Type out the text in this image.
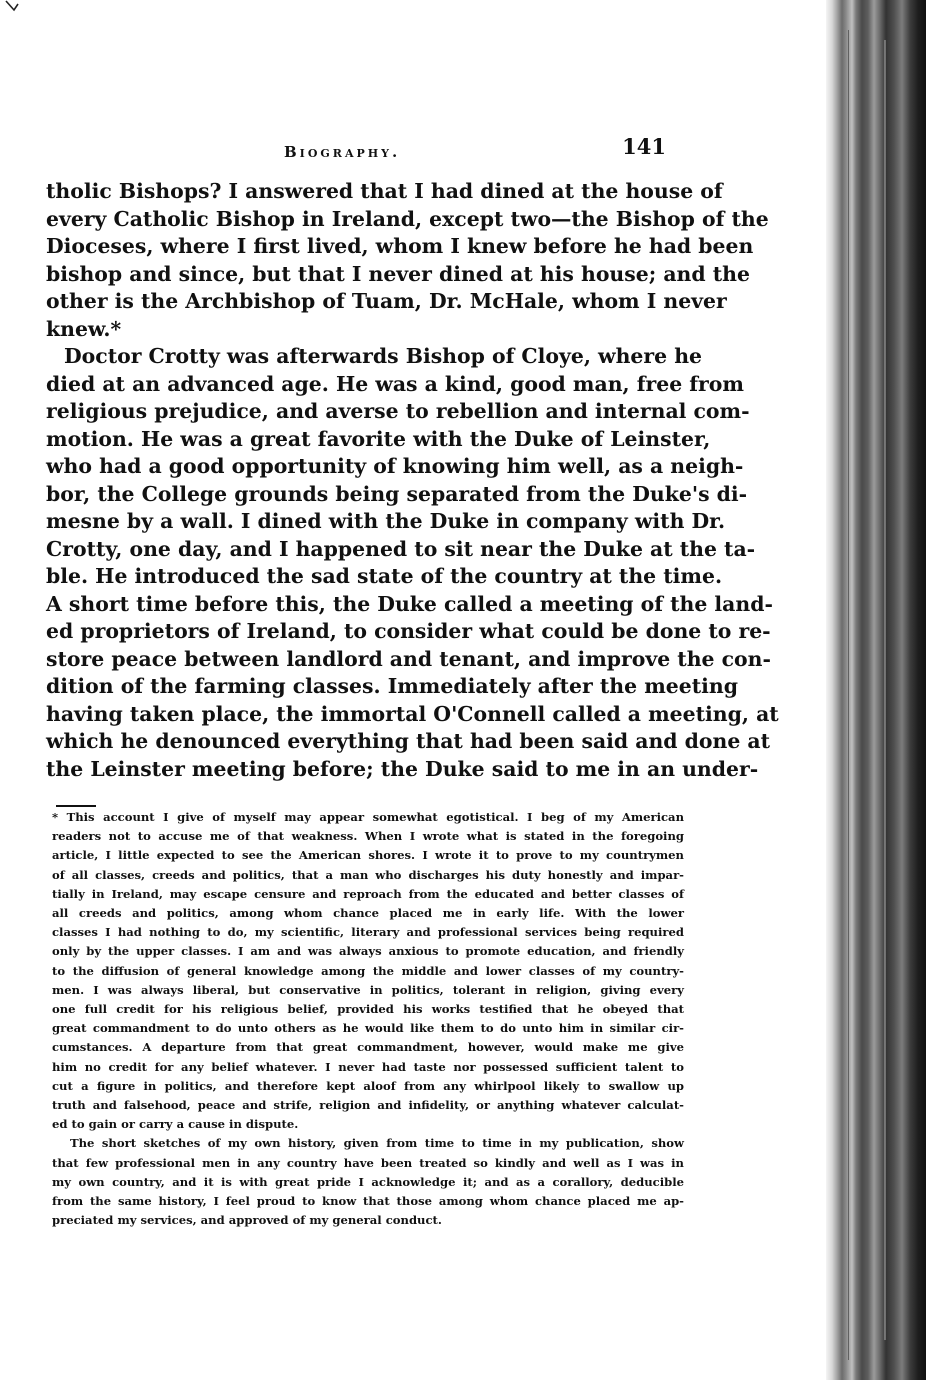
Biography.	141
tholic Bishops? I answered that I had dined at the house of
every Catholic Bishop in Ireland, except two—the Bishop of the
Dioceses, where I first lived, whom I knew before he had been
bishop and since, but that I never dined at his house; and the
other is the Archbishop of Tuam, Dr. McHale, whom I never
knew.*
Doctor Crotty was afterwards Bishop of Cloye, where he
died at an advanced age. He was a kind, good man, free from
religious prejudice, and averse to rebellion and internal com-
motion. He was a great favorite with the Duke of Leinster,
who had a good opportunity of knowing him well, as a neigh-
bor, the College grounds being separated from the Duke's di-
mesne by a wall. I dined with the Duke in company with Dr.
Crotty, one day, and I happened to sit near the Duke at the ta-
ble. He introduced the sad state of the country at the time.
A short time before this, the Duke called a meeting of the land-
ed proprietors of Ireland, to consider what could be done to re-
store peace between landlord and tenant, and improve the con-
dition of the farming classes. Immediately after the meeting
having taken place, the immortal O'Connell called a meeting, at
which he denounced everything that had been said and done at
the Leinster meeting before; the Duke said to me in an under-
* This account I give of myself may appear somewhat egotistical. I beg of my American
readers not to accuse me of that weakness. When I wrote what is stated in the foregoing
article, I little expected to see the American shores. I wrote it to prove to my countrymen
of all classes, creeds and politics, that a man who discharges his duty honestly and impar-
tially in Ireland, may escape censure and reproach from the educated and better classes of
all creeds and politics, among whom chance placed me in early life. With the lower
classes I had nothing to do, my scientific, literary and professional services being required
only by the upper classes. I am and was always anxious to promote education, and friendly
to the diffusion of general knowledge among the middle and lower classes of my country-
men. I was always liberal, but conservative in politics, tolerant in religion, giving every
one full credit for his religious belief, provided his works testified that he obeyed that
great commandment to do unto others as he would like them to do unto him in similar cir-
cumstances. A departure from that great commandment, however, would make me give
him no credit for any belief whatever. I never had taste nor possessed sufficient talent to
cut a figure in politics, and therefore kept aloof from any whirlpool likely to swallow up
truth and falsehood, peace and strife, religion and infidelity, or anything whatever calculat-
ed to gain or carry a cause in dispute.
The short sketches of my own history, given from time to time in my publication, show
that few professional men in any country have been treated so kindly and well as I was in
my own country, and it is with great pride I acknowledge it; and as a corallory, deducible
from the same history, I feel proud to know that those among whom chance placed me ap-
preciated my services, and approved of my general conduct.
